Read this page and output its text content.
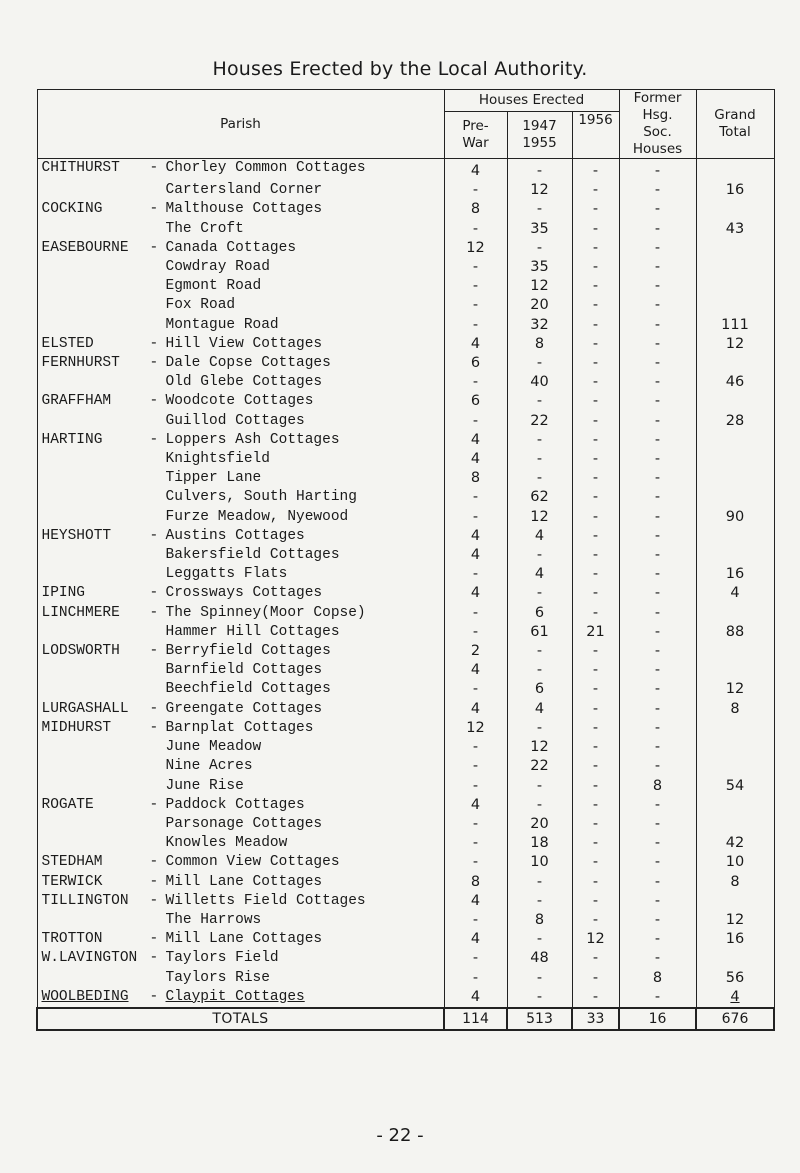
Houses Erected by the Local Authority.
Parish	Houses Erected			Former Hsg. Soc. Houses	Grand Total
	Pre-War	1947 1955	1956		

CHITHURST - Chorley Common Cottages	4	-	-	-	

Cartersland Corner	-	12	-	-	16

COCKING - Malthouse Cottages	8	-	-	-	

The Croft	-	35	-	-	43

EASEBOURNE - Canada Cottages	12	-	-	-	

Cowdray Road	-	35	-	-	

Egmont Road	-	12	-	-	

Fox Road	-	20	-	-	

Montague Road	-	32	-	-	111

ELSTED - Hill View Cottages	4	8	-	-	12

FERNHURST - Dale Copse Cottages	6	-	-	-	

Old Glebe Cottages	-	40	-	-	46

GRAFFHAM - Woodcote Cottages	6	-	-	-	

Guillod Cottages	-	22	-	-	28

HARTING - Loppers Ash Cottages	4	-	-	-	

Knightsfield	4	-	-	-	

Tipper Lane	8	-	-	-	

Culvers, South Harting	-	62	-	-	

Furze Meadow, Nyewood	-	12	-	-	90

HEYSHOTT - Austins Cottages	4	4	-	-	

Bakersfield Cottages	4	-	-	-	

Leggatts Flats	-	4	-	-	16

IPING - Crossways Cottages	4	-	-	-	4

LINCHMERE - The Spinney(Moor Copse)	-	6	-	-	

Hammer Hill Cottages	-	61	21	-	88

LODSWORTH - Berryfield Cottages	2	-	-	-	

Barnfield Cottages	4	-	-	-	

Beechfield Cottages	-	6	-	-	12

LURGASHALL - Greengate Cottages	4	4	-	-	8

MIDHURST - Barnplat Cottages	12	-	-	-	

June Meadow	-	12	-	-	

Nine Acres	-	22	-	-	

June Rise	-	-	-	8	54

ROGATE - Paddock Cottages	4	-	-	-	

Parsonage Cottages	-	20	-	-	

Knowles Meadow	-	18	-	-	42

STEDHAM - Common View Cottages	-	10	-	-	10

TERWICK - Mill Lane Cottages	8	-	-	-	8

TILLINGTON - Willetts Field Cottages	4	-	-	-	

The Harrows	-	8	-	-	12

TROTTON - Mill Lane Cottages	4	-	12	-	16

W.LAVINGTON - Taylors Field	-	48	-	-	

Taylors Rise	-	-	-	8	56

WOOLBEDING - Claypit Cottages	4	-	-	-	4
TOTALS	114	513	33	16	676
- 22 -
